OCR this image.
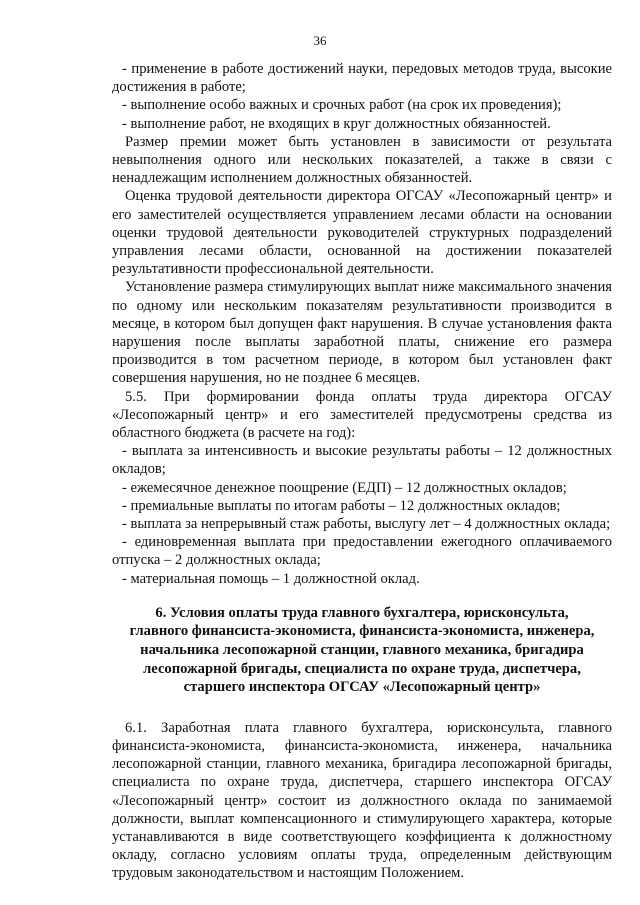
36

- применение в работе достижений науки, передовых методов труда, высокие достижения в работе;

- выполнение особо важных и срочных работ (на срок их проведения);

- выполнение работ, не входящих в круг должностных обязанностей.

Размер премии может быть установлен в зависимости от результата невыполнения одного или нескольких показателей, а также в связи с ненадлежащим исполнением должностных обязанностей.

Оценка трудовой деятельности директора ОГСАУ «Лесопожарный центр» и его заместителей осуществляется управлением лесами области на основании оценки трудовой деятельности руководителей структурных подразделений управления лесами области, основанной на достижении показателей результативности профессиональной деятельности.

Установление размера стимулирующих выплат ниже максимального значения по одному или нескольким показателям результативности производится в месяце, в котором был допущен факт нарушения. В случае установления факта нарушения после выплаты заработной платы, снижение его размера производится в том расчетном периоде, в котором был установлен факт совершения нарушения, но не позднее 6 месяцев.

5.5. При формировании фонда оплаты труда директора ОГСАУ «Лесопожарный центр» и его заместителей предусмотрены средства из областного бюджета (в расчете на год):

- выплата за интенсивность и высокие результаты работы – 12 должностных окладов;

- ежемесячное денежное поощрение (ЕДП) – 12 должностных окладов;

- премиальные выплаты по итогам работы – 12 должностных окладов;

- выплата за непрерывный стаж работы, выслугу лет – 4 должностных оклада;

- единовременная выплата при предоставлении ежегодного оплачиваемого отпуска – 2 должностных оклада;

- материальная помощь – 1 должностной оклад.

6. Условия оплаты труда главного бухгалтера, юрисконсульта,
главного финансиста-экономиста, финансиста-экономиста, инженера,
начальника лесопожарной станции, главного механика, бригадира
лесопожарной бригады, специалиста по охране труда, диспетчера,
старшего инспектора ОГСАУ «Лесопожарный центр»

6.1. Заработная плата главного бухгалтера, юрисконсульта, главного финансиста-экономиста, финансиста-экономиста, инженера, начальника лесопожарной станции, главного механика, бригадира лесопожарной бригады, специалиста по охране труда, диспетчера, старшего инспектора ОГСАУ «Лесопожарный центр» состоит из должностного оклада по занимаемой должности, выплат компенсационного и стимулирующего характера, которые устанавливаются в виде соответствующего коэффициента к должностному окладу, согласно условиям оплаты труда, определенным действующим трудовым законодательством и настоящим Положением.
